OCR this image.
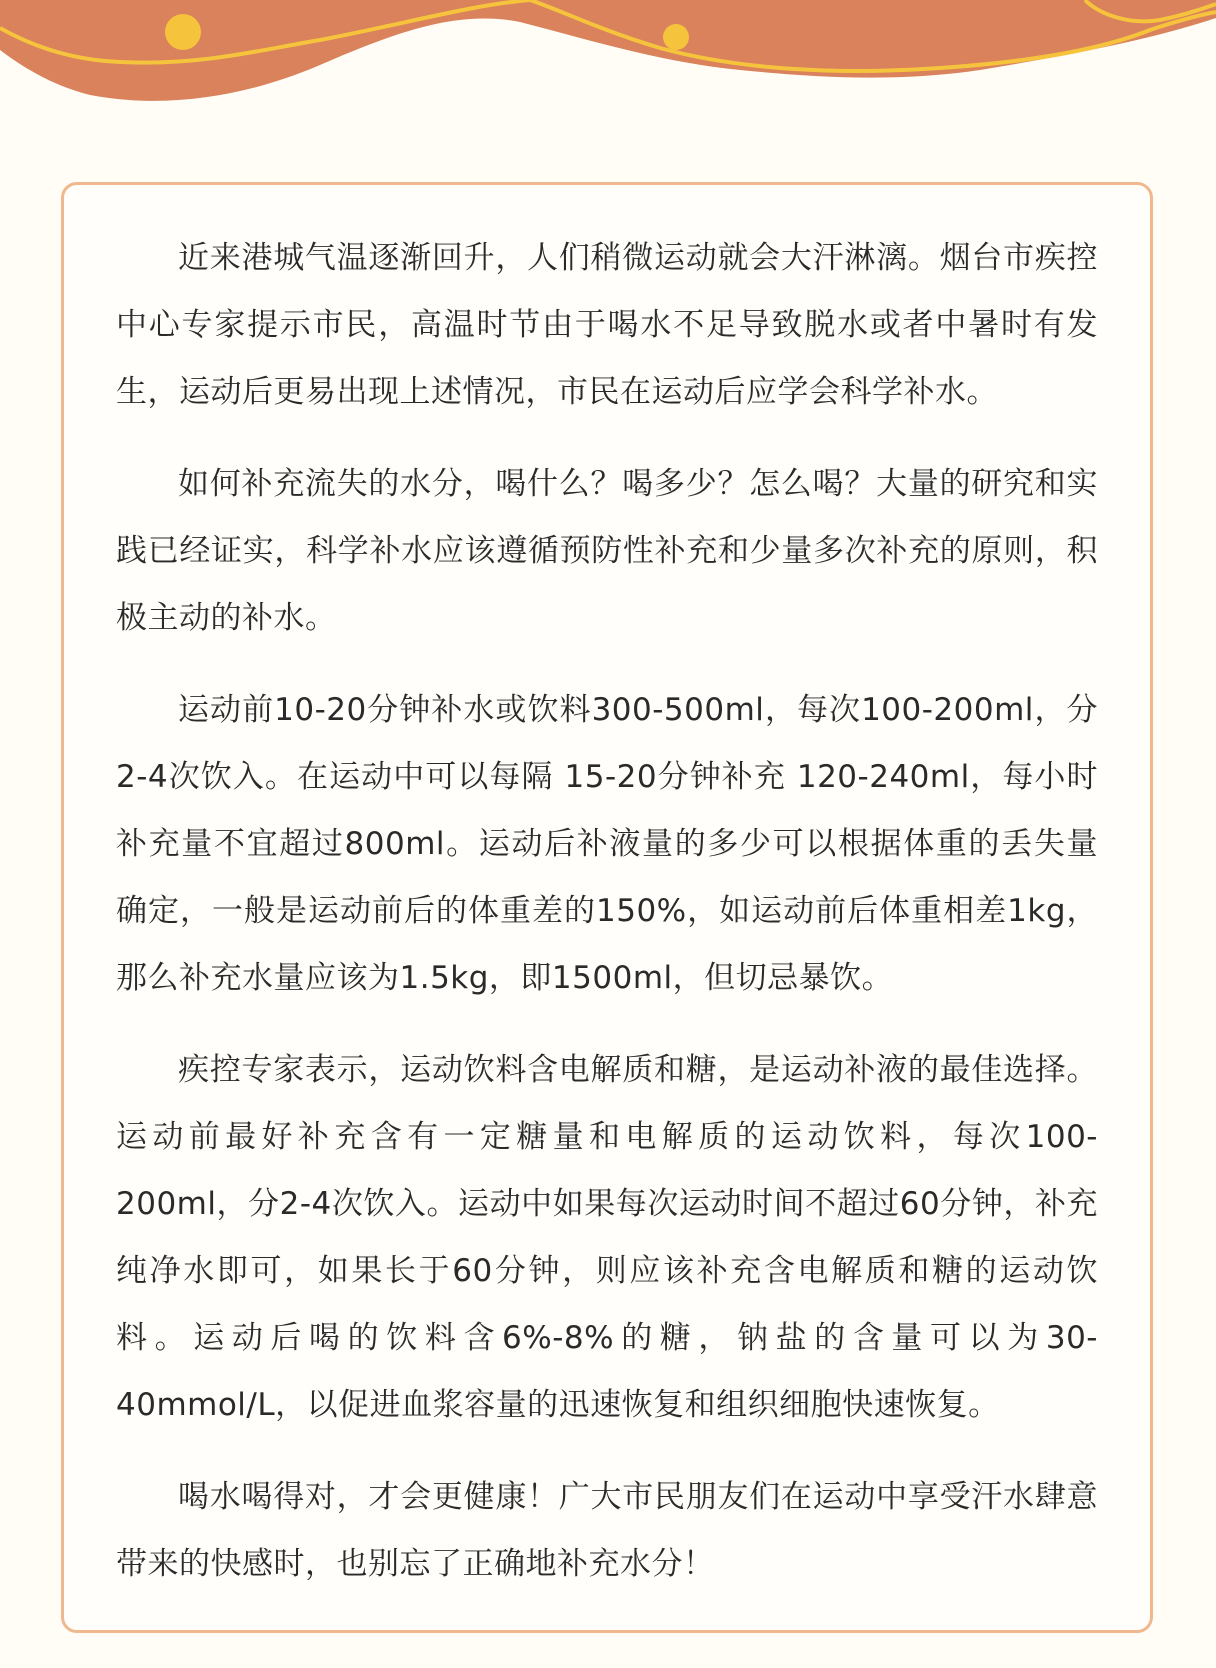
近来港城气温逐渐回升，人们稍微运动就会大汗淋漓。烟台市疾控中心专家提示市民，高温时节由于喝水不足导致脱水或者中暑时有发生，运动后更易出现上述情况，市民在运动后应学会科学补水。

如何补充流失的水分，喝什么？喝多少？怎么喝？大量的研究和实践已经证实，科学补水应该遵循预防性补充和少量多次补充的原则，积极主动的补水。

运动前10-20分钟补水或饮料300-500ml，每次100-200ml，分2-4次饮入。在运动中可以每隔 15-20分钟补充 120-240ml，每小时补充量不宜超过800ml。运动后补液量的多少可以根据体重的丢失量确定，一般是运动前后的体重差的150%，如运动前后体重相差1kg，那么补充水量应该为1.5kg，即1500ml，但切忌暴饮。

疾控专家表示，运动饮料含电解质和糖，是运动补液的最佳选择。运动前最好补充含有一定糖量和电解质的运动饮料，每次100-200ml，分2-4次饮入。运动中如果每次运动时间不超过60分钟，补充纯净水即可，如果长于60分钟，则应该补充含电解质和糖的运动饮料。运动后喝的饮料含6%-8%的糖，钠盐的含量可以为30-40mmol/L，以促进血浆容量的迅速恢复和组织细胞快速恢复。

喝水喝得对，才会更健康！广大市民朋友们在运动中享受汗水肆意带来的快感时，也别忘了正确地补充水分！
